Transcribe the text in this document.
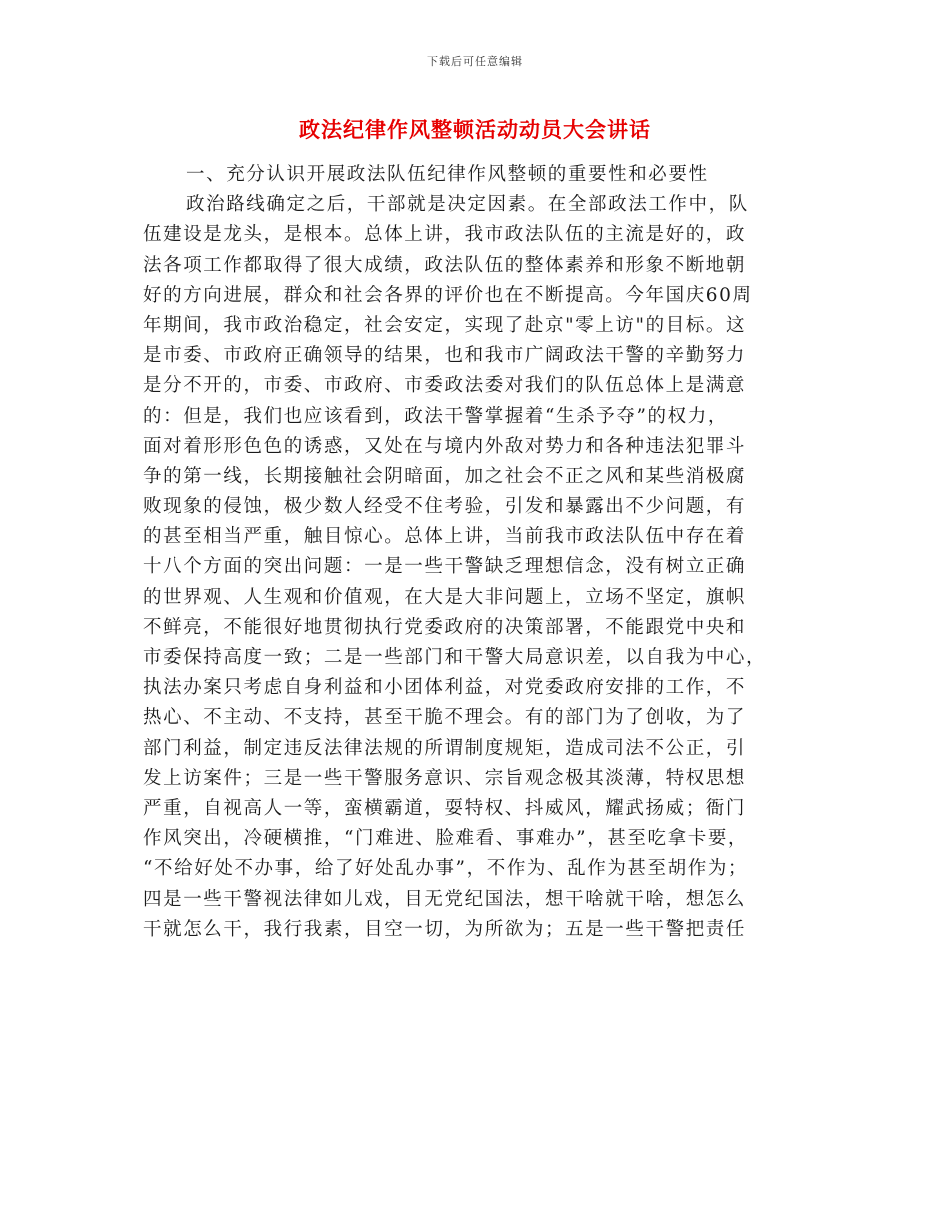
下载后可任意编辑
政法纪律作风整顿活动动员大会讲话
一、充分认识开展政法队伍纪律作风整顿的重要性和必要性
政治路线确定之后，干部就是决定因素。在全部政法工作中，队
伍建设是龙头，是根本。总体上讲，我市政法队伍的主流是好的，政
法各项工作都取得了很大成绩，政法队伍的整体素养和形象不断地朝
好的方向进展，群众和社会各界的评价也在不断提高。今年国庆60周
年期间，我市政治稳定，社会安定，实现了赴京"零上访"的目标。这
是市委、市政府正确领导的结果，也和我市广阔政法干警的辛勤努力
是分不开的，市委、市政府、市委政法委对我们的队伍总体上是满意
的：但是，我们也应该看到，政法干警掌握着“生杀予夺”的权力，
面对着形形色色的诱惑，又处在与境内外敌对势力和各种违法犯罪斗
争的第一线，长期接触社会阴暗面，加之社会不正之风和某些消极腐
败现象的侵蚀，极少数人经受不住考验，引发和暴露出不少问题，有
的甚至相当严重，触目惊心。总体上讲，当前我市政法队伍中存在着
十八个方面的突出问题：一是一些干警缺乏理想信念，没有树立正确
的世界观、人生观和价值观，在大是大非问题上，立场不坚定，旗帜
不鲜亮，不能很好地贯彻执行党委政府的决策部署，不能跟党中央和
市委保持高度一致；二是一些部门和干警大局意识差，以自我为中心，
执法办案只考虑自身利益和小团体利益，对党委政府安排的工作，不
热心、不主动、不支持，甚至干脆不理会。有的部门为了创收，为了
部门利益，制定违反法律法规的所谓制度规矩，造成司法不公正，引
发上访案件；三是一些干警服务意识、宗旨观念极其淡薄，特权思想
严重，自视高人一等，蛮横霸道，耍特权、抖威风，耀武扬威；衙门
作风突出，冷硬横推，“门难进、脸难看、事难办”，甚至吃拿卡要，
“不给好处不办事，给了好处乱办事”，不作为、乱作为甚至胡作为；
四是一些干警视法律如儿戏，目无党纪国法，想干啥就干啥，想怎么
干就怎么干，我行我素，目空一切，为所欲为；五是一些干警把责任
